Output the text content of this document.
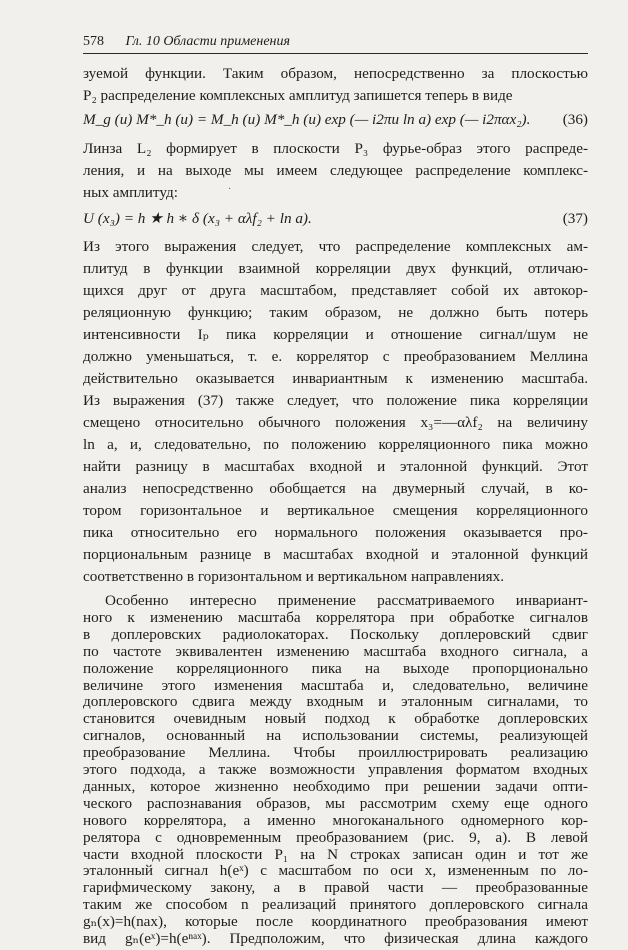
578 Гл. 10 Области применения
зуемой функции. Таким образом, непосредственно за плоскостью
P₂ распределение комплексных амплитуд запишется теперь в виде
M_g (u) M*_h (u) = M_h (u) M*_h (u) exp (— i2πu ln a) exp (— i2παx₂). (36)
Линза L₂ формирует в плоскости P₃ фурье-образ этого распреде-
ления, и на выходе мы имеем следующее распределение комплекс-
ных амплитуд:	·
U (x₃) = h ★ h ∗ δ (x₃ + αλf₂ + ln a).	(37)
Из этого выражения следует, что распределение комплексных ам-
плитуд в функции взаимной корреляции двух функций, отличаю-
щихся друг от друга масштабом, представляет собой их автокор-
реляционную функцию; таким образом, не должно быть потерь
интенсивности Iₚ пика корреляции и отношение сигнал/шум не
должно уменьшаться, т. е. коррелятор с преобразованием Меллина
действительно оказывается инвариантным к изменению масштаба.
Из выражения (37) также следует, что положение пика корреляции
смещено относительно обычного положения x₃=—αλf₂ на величину
ln a, и, следовательно, по положению корреляционного пика можно
найти разницу в масштабах входной и эталонной функций. Этот
анализ непосредственно обобщается на двумерный случай, в ко-
тором горизонтальное и вертикальное смещения корреляционного
пика относительно его нормального положения оказывается про-
порциональным разнице в масштабах входной и эталонной функций
соответственно в горизонтальном и вертикальном направлениях.
Особенно интересно применение рассматриваемого инвариант-
ного к изменению масштаба коррелятора при обработке сигналов
в доплеровских радиолокаторах. Поскольку доплеровский сдвиг
по частоте эквивалентен изменению масштаба входного сигнала, а
положение корреляционного пика на выходе пропорционально
величине этого изменения масштаба и, следовательно, величине
доплеровского сдвига между входным и эталонным сигналами, то
становится очевидным новый подход к обработке доплеровских
сигналов, основанный на использовании системы, реализующей
преобразование Меллина. Чтобы проиллюстрировать реализацию
этого подхода, а также возможности управления форматом входных
данных, которое жизненно необходимо при решении задачи опти-
ческого распознавания образов, мы рассмотрим схему еще одного
нового коррелятора, а именно многоканального одномерного кор-
релятора с одновременным преобразованием (рис. 9, а). В левой
части входной плоскости P₁ на N строках записан один и тот же
эталонный сигнал h(eˣ) с масштабом по оси x, измененным по ло-
гарифмическому закону, а в правой части — преобразованные
таким же способом n реализаций принятого доплеровского сигнала
gₙ(x)=h(nax), которые после координатного преобразования имеют
вид gₙ(eˣ)=h(eⁿᵃˣ). Предположим, что физическая длина каждого
